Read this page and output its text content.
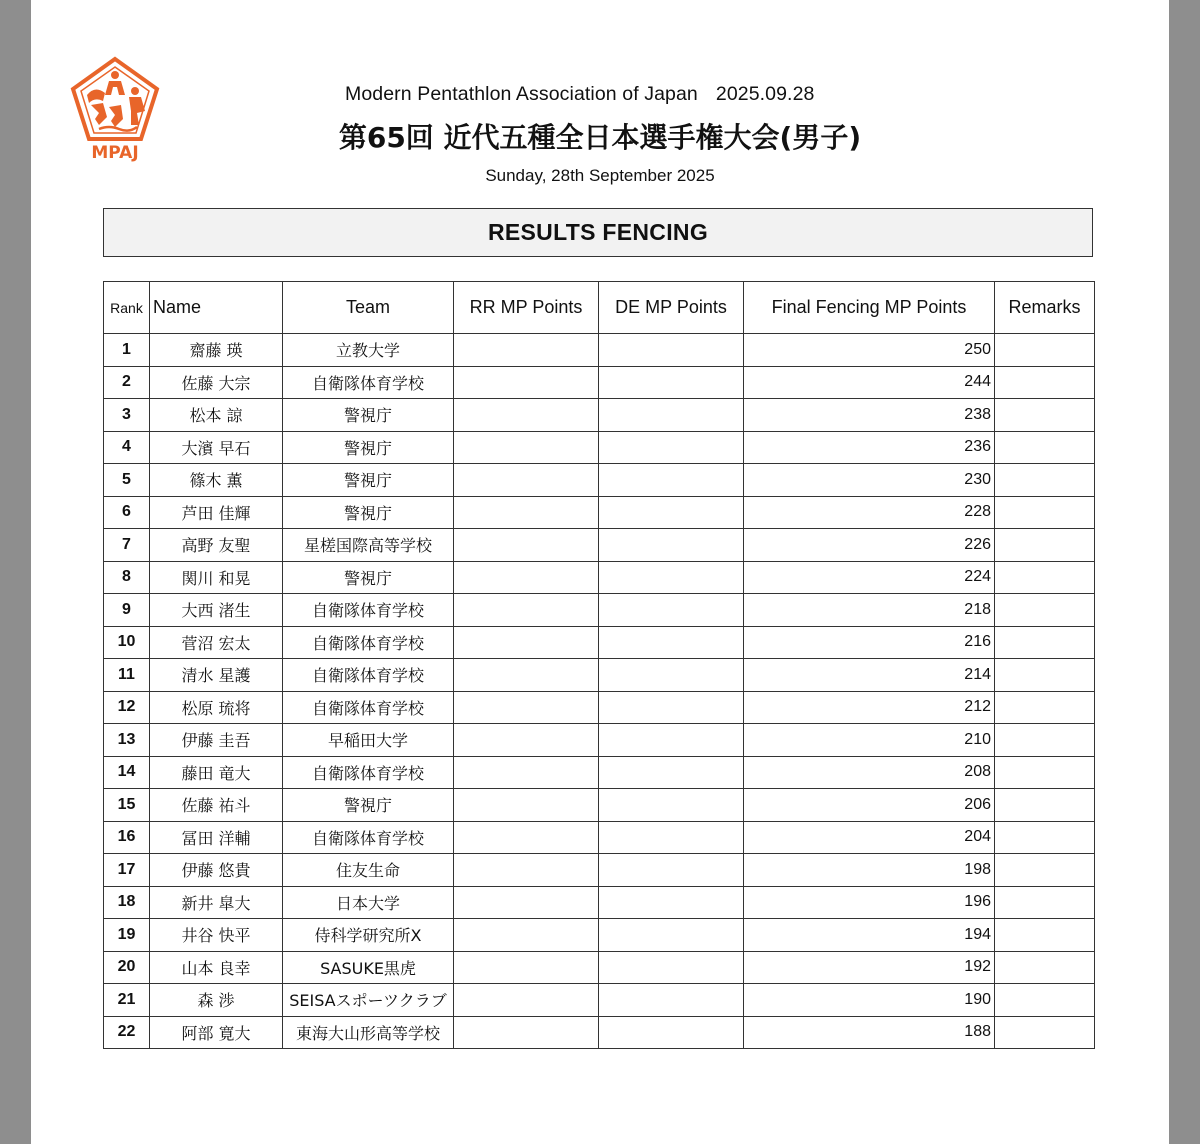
MPAJ
Modern Pentathlon Association of Japan 2025.09.28
第65回 近代五種全日本選手権大会(男子)
Sunday, 28th September 2025
RESULTS FENCING
Rank	Name	Team	RR MP Points	DE MP Points	Final Fencing MP Points	Remarks
1	齋藤 瑛	立教大学			250	
2	佐藤 大宗	自衛隊体育学校			244	
3	松本 諒	警視庁			238	
4	大濱 早石	警視庁			236	
5	篠木 薫	警視庁			230	
6	芦田 佳輝	警視庁			228	
7	高野 友聖	星槎国際高等学校			226	
8	関川 和晃	警視庁			224	
9	大西 渚生	自衛隊体育学校			218	
10	菅沼 宏太	自衛隊体育学校			216	
11	清水 星護	自衛隊体育学校			214	
12	松原 琉将	自衛隊体育学校			212	
13	伊藤 圭吾	早稲田大学			210	
14	藤田 竜大	自衛隊体育学校			208	
15	佐藤 祐斗	警視庁			206	
16	冨田 洋輔	自衛隊体育学校			204	
17	伊藤 悠貴	住友生命			198	
18	新井 皐大	日本大学			196	
19	井谷 快平	侍科学研究所X			194	
20	山本 良幸	SASUKE黒虎			192	
21	森 渉	SEISAスポーツクラブ			190	
22	阿部 寛大	東海大山形高等学校			188	
